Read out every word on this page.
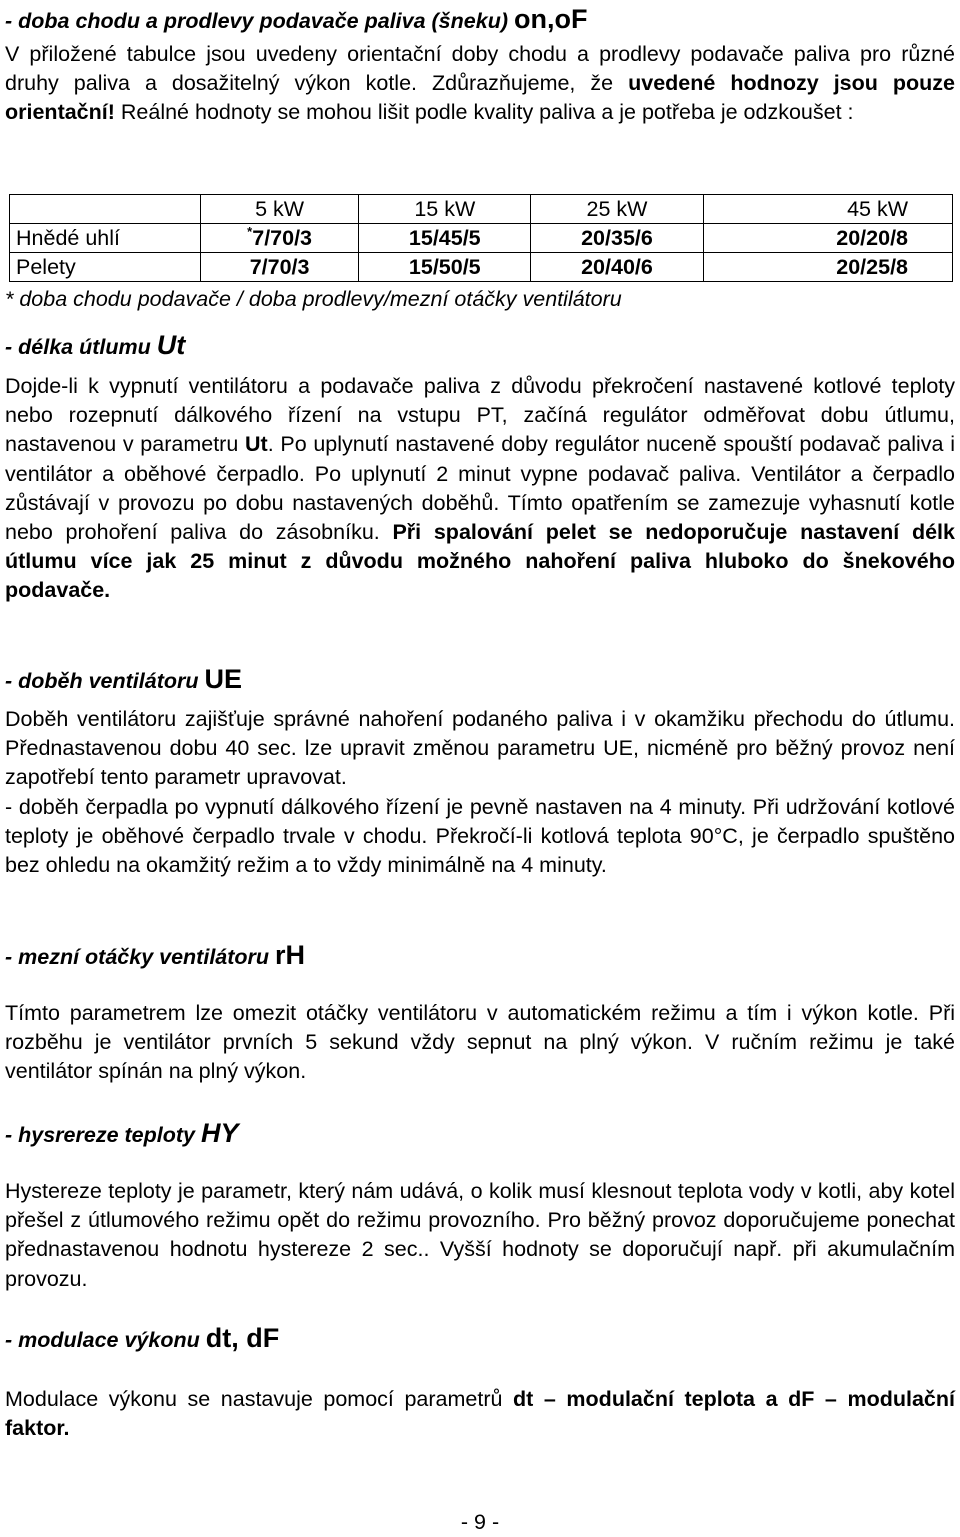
- doba chodu a prodlevy podavače paliva (šneku) on,oF

V přiložené tabulce jsou uvedeny orientační doby chodu a prodlevy podavače paliva pro různé druhy paliva a dosažitelný výkon kotle. Zdůrazňujeme, že uvedené hodnozy jsou pouze orientační! Reálné hodnoty se mohou lišit podle kvality paliva a je potřeba je odzkoušet :

	5 kW	15 kW	25 kW	45 kW
Hnědé uhlí	*7/70/3	15/45/5	20/35/6	20/20/8
Pelety	7/70/3	15/50/5	20/40/6	20/25/8
* doba chodu podavače / doba prodlevy/mezní otáčky ventilátoru
- délka útlumu Ut

Dojde-li k vypnutí ventilátoru a podavače paliva z důvodu překročení nastavené kotlové teploty nebo rozepnutí dálkového řízení na vstupu PT, začíná regulátor odměřovat dobu útlumu, nastavenou v parametru Ut. Po uplynutí nastavené doby regulátor nuceně spouští podavač paliva i ventilátor a oběhové čerpadlo. Po uplynutí 2 minut vypne podavač paliva. Ventilátor a čerpadlo zůstávají v provozu po dobu nastavených doběhů. Tímto opatřením se zamezuje vyhasnutí kotle nebo prohoření paliva do zásobníku. Při spalování pelet se nedoporučuje nastavení délk útlumu více jak 25 minut z důvodu možného nahoření paliva hluboko do šnekového podavače.

- doběh ventilátoru UE

Doběh ventilátoru zajišťuje správné nahoření podaného paliva i v okamžiku přechodu do útlumu. Přednastavenou dobu 40 sec. lze upravit změnou parametru UE, nicméně pro běžný provoz není zapotřebí tento parametr upravovat.

- doběh čerpadla po vypnutí dálkového řízení je pevně nastaven na 4 minuty. Při udržování kotlové teploty je oběhové čerpadlo trvale v chodu. Překročí-li kotlová teplota 90°C, je čerpadlo spuštěno bez ohledu na okamžitý režim a to vždy minimálně na 4 minuty.

- mezní otáčky ventilátoru rH

Tímto parametrem lze omezit otáčky ventilátoru v automatickém režimu a tím i výkon kotle. Při rozběhu je ventilátor prvních 5 sekund vždy sepnut na plný výkon. V ručním režimu je také ventilátor spínán na plný výkon.

- hysrereze teploty HY

Hystereze teploty je parametr, který nám udává, o kolik musí klesnout teplota vody v kotli, aby kotel přešel z útlumového režimu opět do režimu provozního. Pro běžný provoz doporučujeme ponechat přednastavenou hodnotu hystereze 2 sec.. Vyšší hodnoty se doporučují např. při akumulačním provozu.

- modulace výkonu dt, dF

Modulace výkonu se nastavuje pomocí parametrů dt – modulační teplota a dF – modulační faktor.

- 9 -
